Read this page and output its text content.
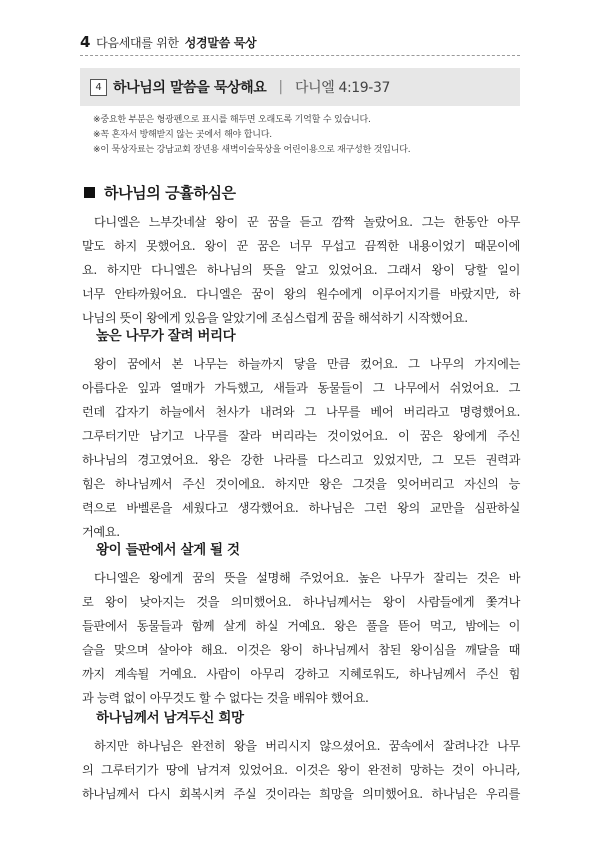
4 다음세대를 위한 성경말씀 묵상
4 하나님의 말씀을 묵상해요 | 다니엘 4:19-37
※중요한 부분은 형광펜으로 표시를 해두면 오래도록 기억할 수 있습니다.
※꼭 혼자서 방해받지 않는 곳에서 해야 합니다.
※이 묵상자료는 강남교회 장년용 새벽이슬묵상을 어린이용으로 재구성한 것입니다.
하나님의 긍휼하심은
다니엘은 느부갓네살 왕이 꾼 꿈을 듣고 깜짝 놀랐어요. 그는 한동안 아무
말도 하지 못했어요. 왕이 꾼 꿈은 너무 무섭고 끔찍한 내용이었기 때문이에
요. 하지만 다니엘은 하나님의 뜻을 알고 있었어요. 그래서 왕이 당할 일이
너무 안타까웠어요. 다니엘은 꿈이 왕의 원수에게 이루어지기를 바랐지만, 하
나님의 뜻이 왕에게 있음을 알았기에 조심스럽게 꿈을 해석하기 시작했어요.
높은 나무가 잘려 버리다
왕이 꿈에서 본 나무는 하늘까지 닿을 만큼 컸어요. 그 나무의 가지에는
아름다운 잎과 열매가 가득했고, 새들과 동물들이 그 나무에서 쉬었어요. 그
런데 갑자기 하늘에서 천사가 내려와 그 나무를 베어 버리라고 명령했어요.
그루터기만 남기고 나무를 잘라 버리라는 것이었어요. 이 꿈은 왕에게 주신
하나님의 경고였어요. 왕은 강한 나라를 다스리고 있었지만, 그 모든 권력과
힘은 하나님께서 주신 것이에요. 하지만 왕은 그것을 잊어버리고 자신의 능
력으로 바벨론을 세웠다고 생각했어요. 하나님은 그런 왕의 교만을 심판하실
거예요.
왕이 들판에서 살게 될 것
다니엘은 왕에게 꿈의 뜻을 설명해 주었어요. 높은 나무가 잘리는 것은 바
로 왕이 낮아지는 것을 의미했어요. 하나님께서는 왕이 사람들에게 쫓겨나
들판에서 동물들과 함께 살게 하실 거예요. 왕은 풀을 뜯어 먹고, 밤에는 이
슬을 맞으며 살아야 해요. 이것은 왕이 하나님께서 참된 왕이심을 깨달을 때
까지 계속될 거예요. 사람이 아무리 강하고 지혜로워도, 하나님께서 주신 힘
과 능력 없이 아무것도 할 수 없다는 것을 배워야 했어요.
하나님께서 남겨두신 희망
하지만 하나님은 완전히 왕을 버리시지 않으셨어요. 꿈속에서 잘려나간 나무
의 그루터기가 땅에 남겨져 있었어요. 이것은 왕이 완전히 망하는 것이 아니라,
하나님께서 다시 회복시켜 주실 것이라는 희망을 의미했어요. 하나님은 우리를
